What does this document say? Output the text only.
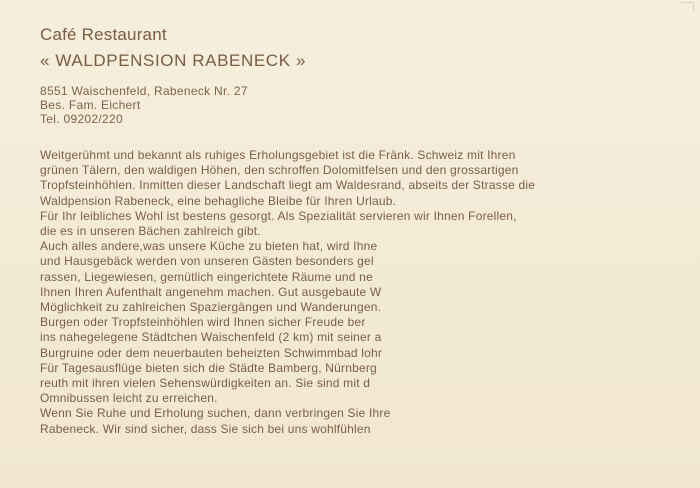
Café Restaurant
« WALDPENSION RABENECK »
8551 Waischenfeld, Rabeneck Nr. 27
Bes. Fam. Eichert
Tel. 09202/220
Weitgerühmt und bekannt als ruhiges Erholungsgebiet ist die Fränk. Schweiz mit Ihren
grünen Tälern, den waldigen Höhen, den schroffen Dolomitfelsen und den grossartigen
Tropfsteinhöhlen. Inmitten dieser Landschaft liegt am Waldesrand, abseits der Strasse die
Waldpension Rabeneck, eine behagliche Bleibe für Ihren Urlaub.
Für Ihr leibliches Wohl ist bestens gesorgt. Als Spezialität servieren wir Ihnen Forellen,
die es in unseren Bächen zahlreich gibt.
Auch alles andere,was unsere Küche zu bieten hat, wird Ihne
und Hausgebäck werden von unseren Gästen besonders gel
rassen, Liegewiesen, gemütlich eingerichtete Räume und ne
Ihnen Ihren Aufenthalt angenehm machen. Gut ausgebaute W
Möglichkeit zu zahlreichen Spaziergängen und Wanderungen.
Burgen oder Tropfsteinhöhlen wird Ihnen sicher Freude ber
ins nahegelegene Städtchen Waischenfeld (2 km) mit seiner a
Burgruine oder dem neuerbauten beheizten Schwimmbad lohr
Für Tagesausflüge bieten sich die Städte Bamberg, Nürnberg
reuth mit ihren vielen Sehenswürdigkeiten an. Sie sind mit d
Omnibussen leicht zu erreichen.
Wenn Sie Ruhe und Erholung suchen, dann verbringen Sie Ihre
Rabeneck. Wir sind sicher, dass Sie sich bei uns wohlfühlen
